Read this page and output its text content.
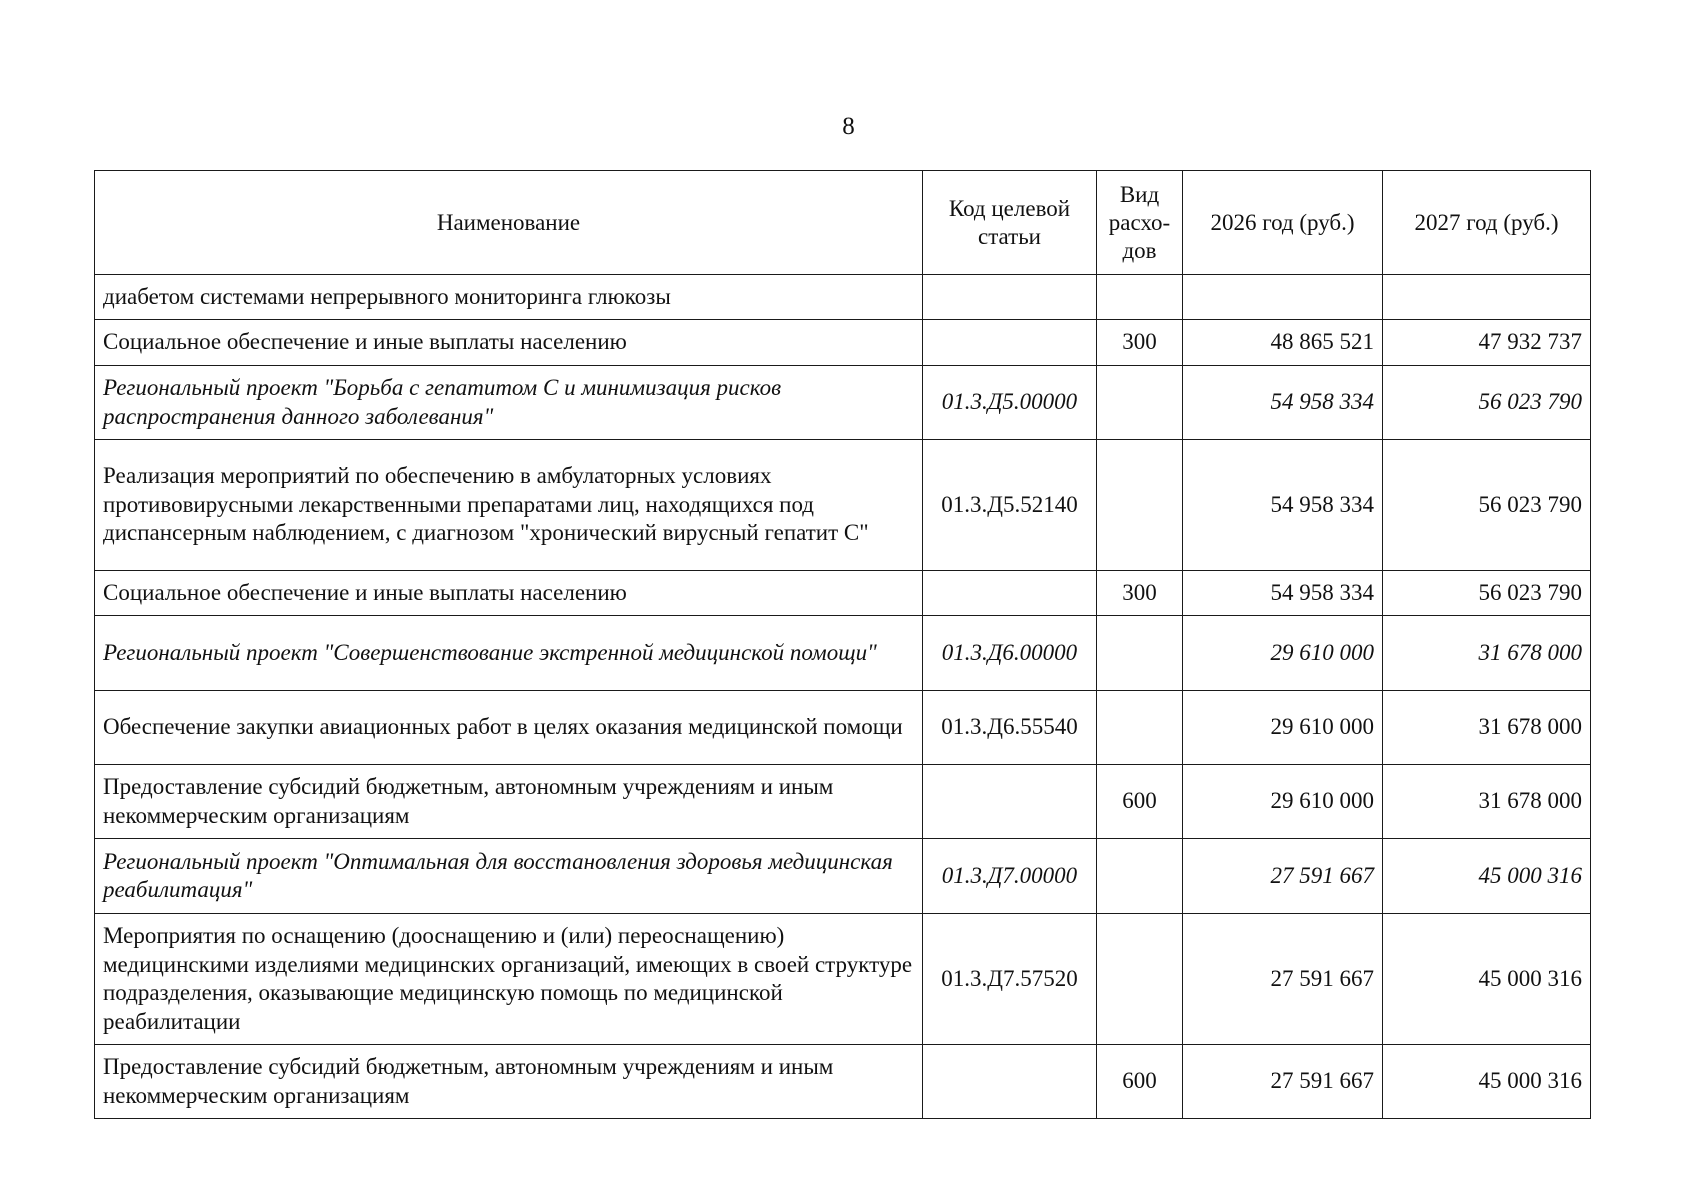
8
Наименование	Код целевой статьи	Вид расхо-дов	2026 год (руб.)	2027 год (руб.)
диабетом системами непрерывного мониторинга глюкозы				
Социальное обеспечение и иные выплаты населению		300	48 865 521	47 932 737
Региональный проект "Борьба с гепатитом С и минимизация рисков распространения данного заболевания"	01.3.Д5.00000		54 958 334	56 023 790
Реализация мероприятий по обеспечению в амбулаторных условиях противовирусными лекарственными препаратами лиц, находящихся под диспансерным наблюдением, с диагнозом "хронический вирусный гепатит С"	01.3.Д5.52140		54 958 334	56 023 790
Социальное обеспечение и иные выплаты населению		300	54 958 334	56 023 790
Региональный проект "Совершенствование экстренной медицинской помощи"	01.3.Д6.00000		29 610 000	31 678 000
Обеспечение закупки авиационных работ в целях оказания медицинской помощи	01.3.Д6.55540		29 610 000	31 678 000
Предоставление субсидий бюджетным, автономным учреждениям и иным некоммерческим организациям		600	29 610 000	31 678 000
Региональный проект "Оптимальная для восстановления здоровья медицинская реабилитация"	01.3.Д7.00000		27 591 667	45 000 316
Мероприятия по оснащению (дооснащению и (или) переоснащению) медицинскими изделиями медицинских организаций, имеющих в своей структуре подразделения, оказывающие медицинскую помощь по медицинской реабилитации	01.3.Д7.57520		27 591 667	45 000 316
Предоставление субсидий бюджетным, автономным учреждениям и иным некоммерческим организациям		600	27 591 667	45 000 316
